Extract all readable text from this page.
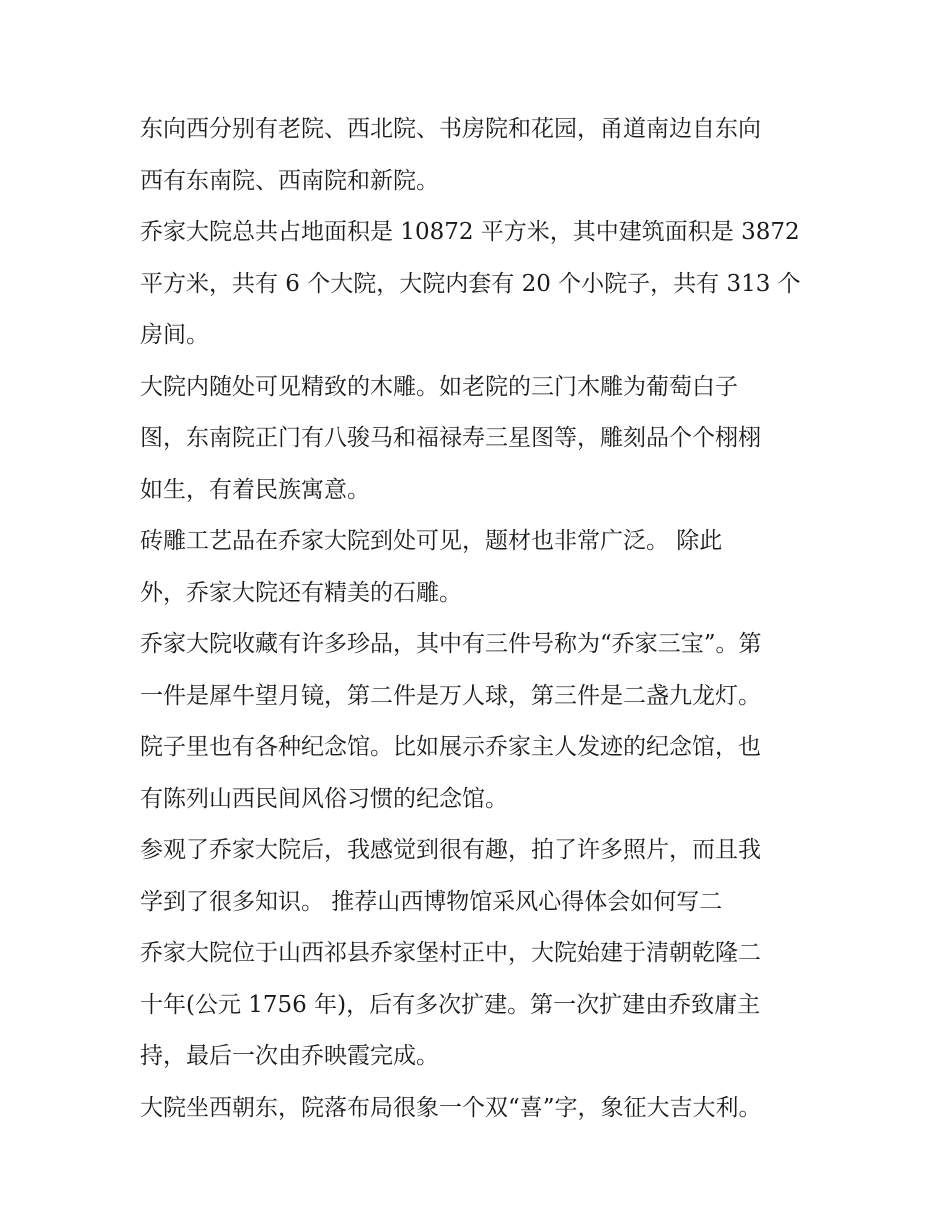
东向西分别有老院、西北院、书房院和花园，甬道南边自东向
西有东南院、西南院和新院。
乔家大院总共占地面积是 10872 平方米，其中建筑面积是 3872
平方米，共有 6 个大院，大院内套有 20 个小院子，共有 313 个
房间。
大院内随处可见精致的木雕。如老院的三门木雕为葡萄白子
图，东南院正门有八骏马和福禄寿三星图等，雕刻品个个栩栩
如生，有着民族寓意。
砖雕工艺品在乔家大院到处可见，题材也非常广泛。 除此
外，乔家大院还有精美的石雕。
乔家大院收藏有许多珍品，其中有三件号称为“乔家三宝”。第
一件是犀牛望月镜，第二件是万人球，第三件是二盏九龙灯。
院子里也有各种纪念馆。比如展示乔家主人发迹的纪念馆，也
有陈列山西民间风俗习惯的纪念馆。
参观了乔家大院后，我感觉到很有趣，拍了许多照片，而且我
学到了很多知识。 推荐山西博物馆采风心得体会如何写二
乔家大院位于山西祁县乔家堡村正中，大院始建于清朝乾隆二
十年(公元 1756 年)，后有多次扩建。第一次扩建由乔致庸主
持，最后一次由乔映霞完成。
大院坐西朝东，院落布局很象一个双“喜”字，象征大吉大利。
